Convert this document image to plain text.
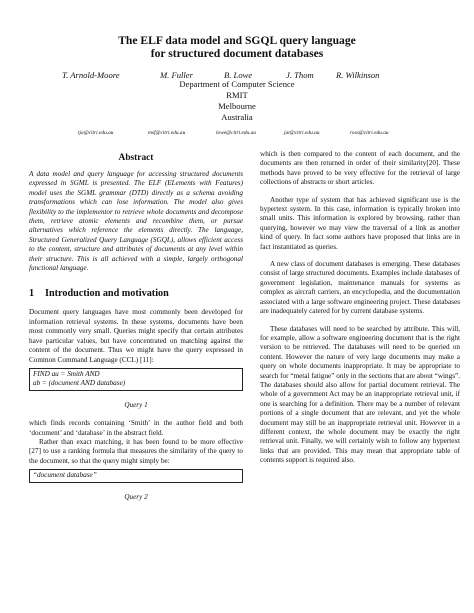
The ELF data model and SGQL query language
for structured document databases
T. Arnold-Moore	M. Fuller	B. Lowe	J. Thom	R. Wilkinson
Department of Computer Science
RMIT
Melbourne
Australia
tja@citri.edu.au	msf@citri.edu.au	lowe@citri.edu.au	jat@citri.edu.au	ross@citri.edu.au

Abstract

A data model and query language for accessing structured documents expressed in SGML is presented. The ELF (ELements with Features) model uses the SGML grammar (DTD) directly as a schema avoiding transformations which can lose information. The model also gives flexibility to the implementor to retrieve whole documents and decompose them, retrieve atomic elements and recombine them, or pursue alternatives which reference the elements directly. The language, Structured Generalized Query Language (SGQL), allows efficient access to the content, structure and attributes of documents at any level within their structure. This is all achieved with a simple, largely orthogonal functional language.

1 Introduction and motivation

Document query languages have most commonly been developed for information retrieval systems. In these systems, documents have been most commonly very small. Queries might specify that certain attributes have particular values, but have concentrated on matching against the content of the document. Thus we might have the query expressed in Common Command Language (CCL) [11]:

FIND au = Smith AND
ab = (document AND database)

Query 1

which finds records containing ‘Smith’ in the author field and both ‘document’ and ‘database’ in the abstract field.

Rather than exact matching, it has been found to be more effective [27] to use a ranking formula that measures the similarity of the query to the document, so that the query might simply be:

“document database”

Query 2

which is then compared to the content of each document, and the documents are then returned in order of their similarity[20]. These methods have proved to be very effective for the retrieval of large collections of abstracts or short articles.

Another type of system that has achieved significant use is the hypertext system. In this case, information is typically broken into small units. This information is explored by browsing, rather than querying, however we may view the traversal of a link as another kind of query. In fact some authors have proposed that links are in fact instantiated as queries.

A new class of document databases is emerging. These databases consist of large structured documents. Examples include databases of government legislation, maintenance manuals for systems as complex as aircraft carriers, an encyclopedia, and the documentation associated with a large software engineering project. These databases are inadequately catered for by current database systems.

These databases will need to be searched by attribute. This will, for example, allow a software engineering document that is the right version to be retrieved. The databases will need to be queried on content. However the nature of very large documents may make a query on whole documents inappropriate. It may be appropriate to search for “metal fatigue” only in the sections that are about “wings”. The databases should also allow for partial document retrieval. The whole of a government Act may be an inappropriate retrieval unit, if one is searching for a definition. There may be a number of relevant portions of a single document that are relevant, and yet the whole document may still be an inappropriate retrieval unit. However in a different context, the whole document may be exactly the right retrieval unit. Finally, we will certainly wish to follow any hypertext links that are provided. This may mean that appropriate table of contents support is required also.
